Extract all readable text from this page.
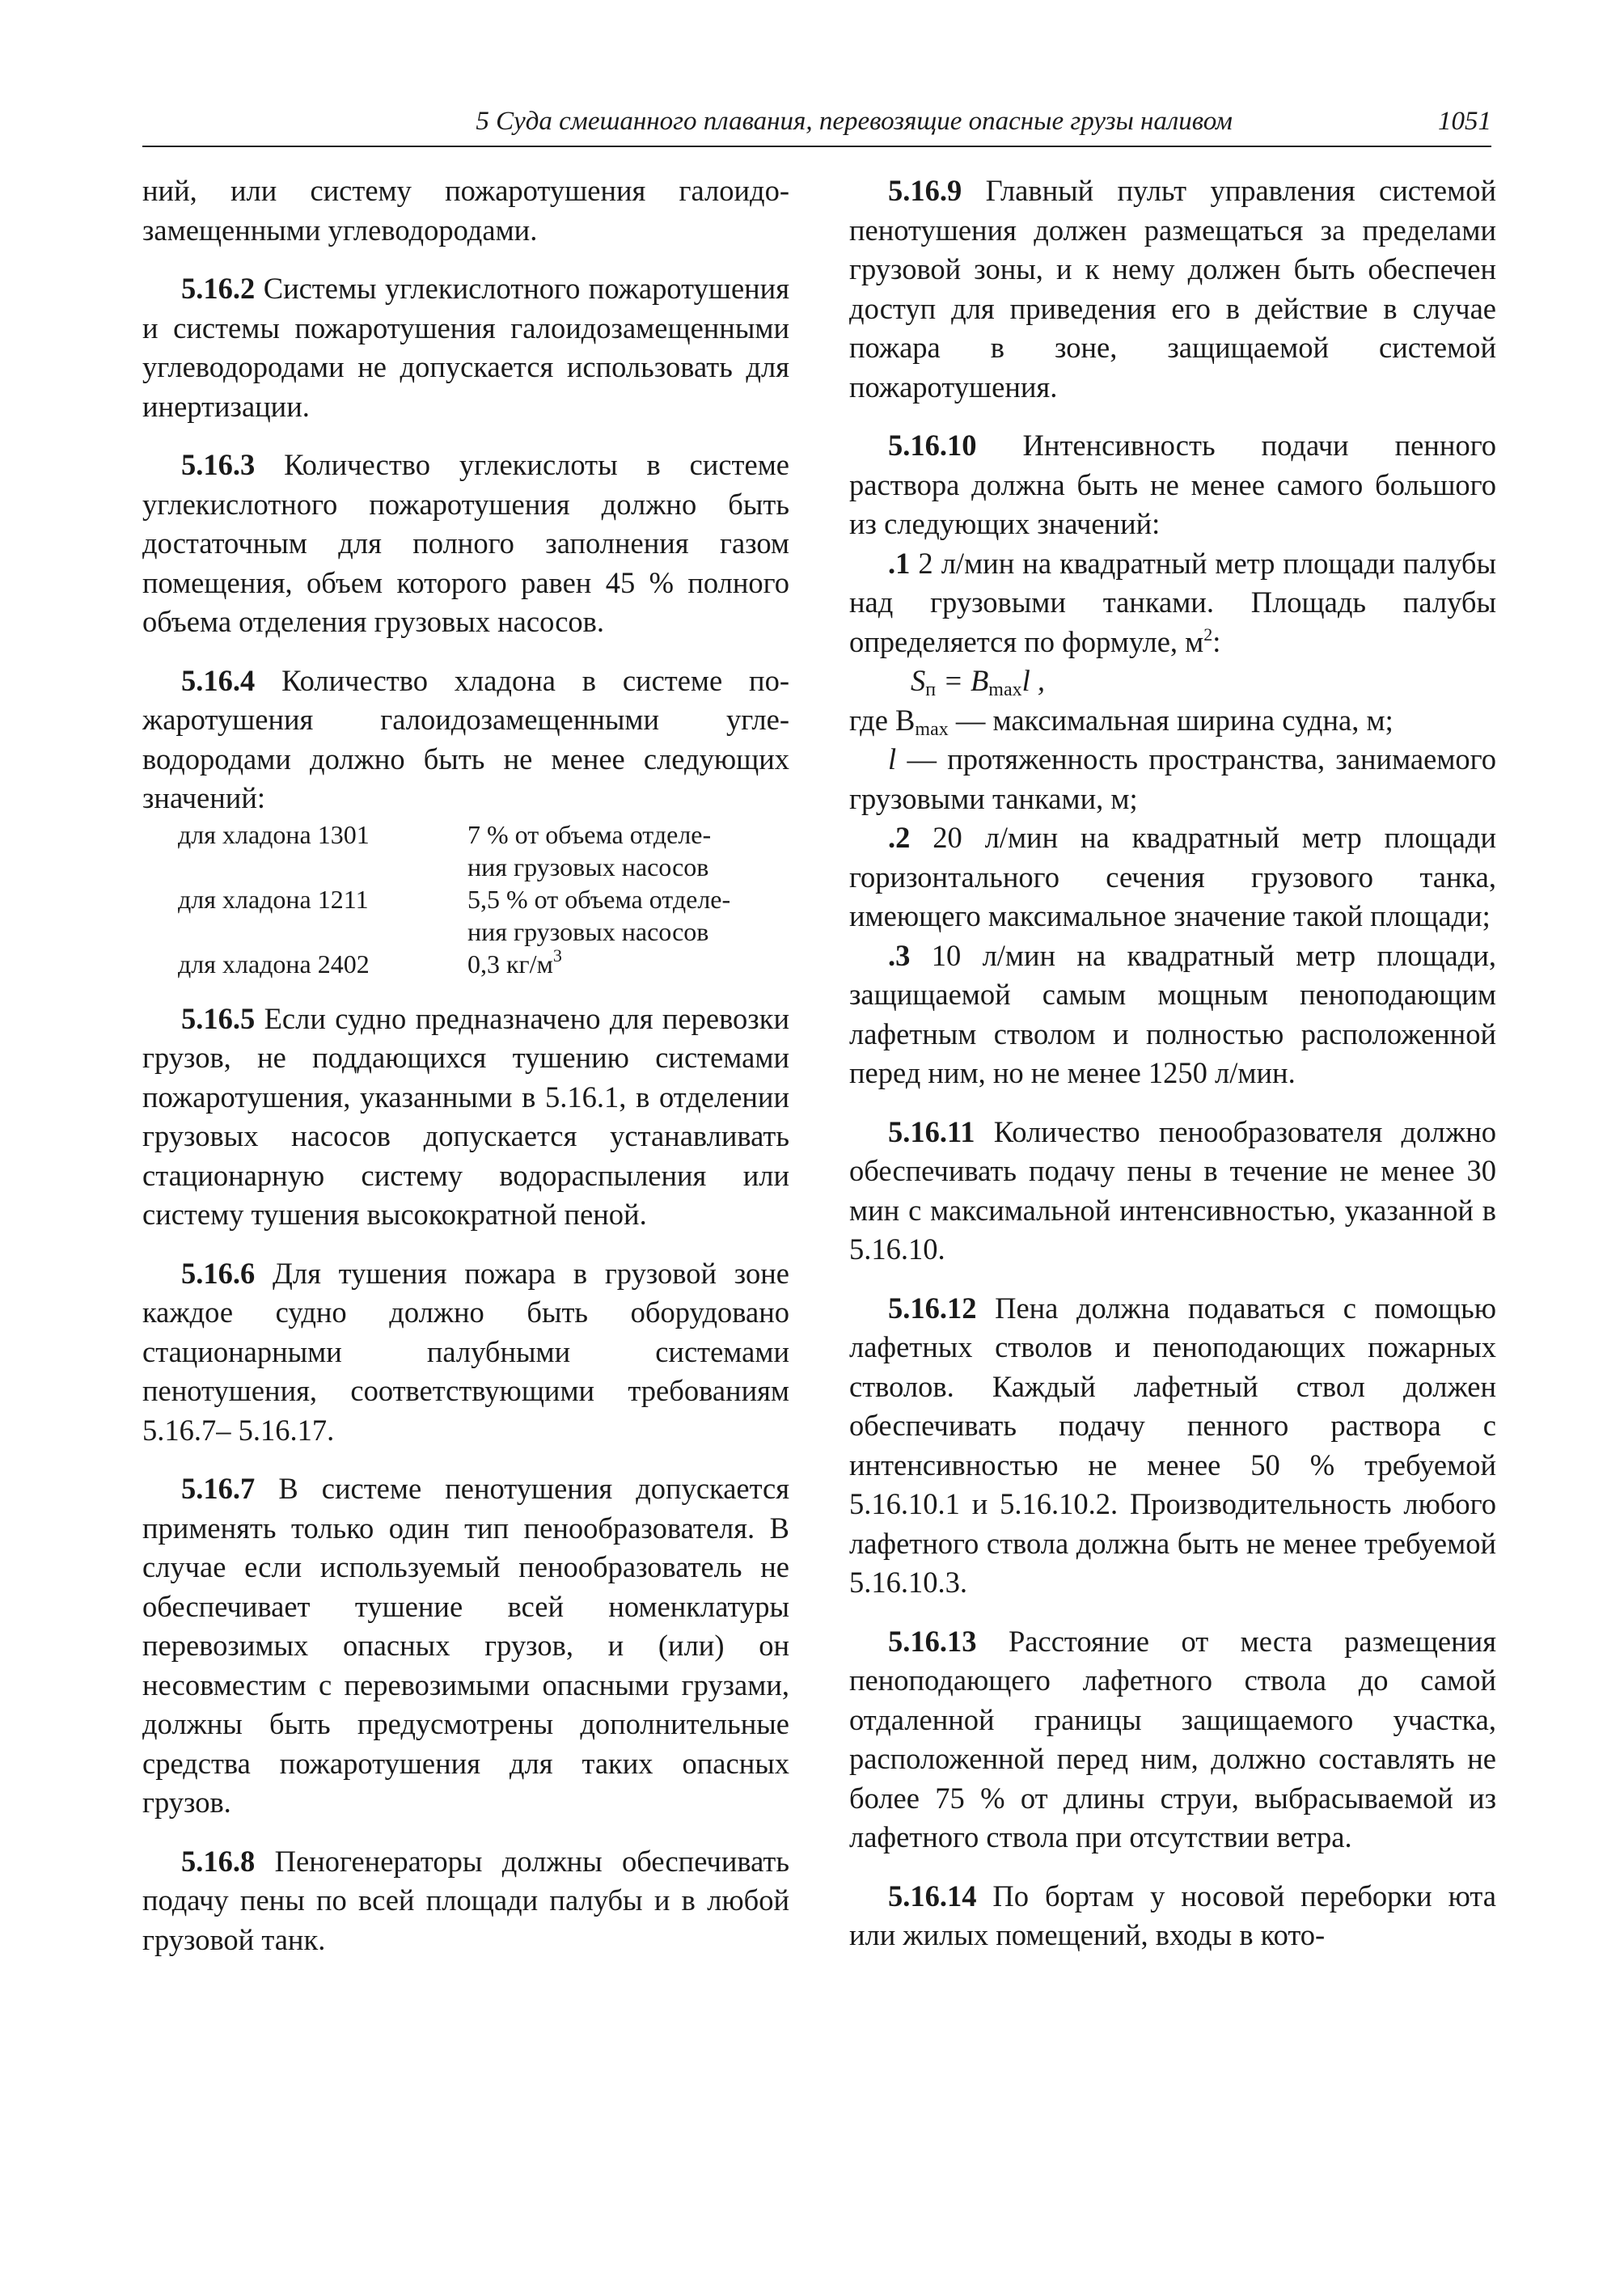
5 Суда смешанного плавания, перевозящие опасные грузы наливом	1051

ний, или систему пожаротушения галоидозамещенными углеводородами.

5.16.2 Системы углекислотного пожаротушения и системы пожаротушения галоидозамещенными углеводородами не допускается использовать для инертизации.

5.16.3 Количество углекислоты в системе углекислотного пожаротушения должно быть достаточным для полного заполнения газом помещения, объем которого равен 45 % полного объема отделения грузовых насосов.

5.16.4 Количество хладона в системе пожаротушения галоидозамещенными углеводородами должно быть не менее следующих значений:

для хладона 1301	7 % от объема отделе-
ния грузовых насосов
для хладона 1211	5,5 % от объема отделе-
ния грузовых насосов
для хладона 2402	0,3 $кг/м^3$

5.16.5 Если судно предназначено для перевозки грузов, не поддающихся тушению системами пожаротушения, указанными в 5.16.1, в отделении грузовых насосов допускается устанавливать стационарную систему водораспыления или систему тушения высокократной пеной.

5.16.6 Для тушения пожара в грузовой зоне каждое судно должно быть оборудовано стационарными палубными системами пенотушения, соответствующими требованиям 5.16.7– 5.16.17.

5.16.7 В системе пенотушения допускается применять только один тип пенообразователя. В случае если используемый пенообразователь не обеспечивает тушение всей номенклатуры перевозимых опасных грузов, и (или) он несовместим с перевозимыми опасными грузами, должны быть предусмотрены дополнительные средства пожаротушения для таких опасных грузов.

5.16.8 Пеногенераторы должны обеспечивать подачу пены по всей площади палубы и в любой грузовой танк.

5.16.9 Главный пульт управления системой пенотушения должен размещаться за пределами грузовой зоны, и к нему должен быть обеспечен доступ для приведения его в действие в случае пожара в зоне, защищаемой системой пожаротушения.

5.16.10 Интенсивность подачи пенного раствора должна быть не менее самого большого из следующих значений:

.1 2 л/мин на квадратный метр площади палубы над грузовыми танками. Площадь палубы определяется по формуле, $м^2$:

$S_п = B_{max}l$ ,

где $B_{max}$ — максимальная ширина судна, м;

l — протяженность пространства, занимаемого грузовыми танками, м;

.2 20 л/мин на квадратный метр площади горизонтального сечения грузового танка, имеющего максимальное значение такой площади;

.3 10 л/мин на квадратный метр площади, защищаемой самым мощным пеноподающим лафетным стволом и полностью расположенной перед ним, но не менее 1250 л/мин.

5.16.11 Количество пенообразователя должно обеспечивать подачу пены в течение не менее 30 мин с максимальной интенсивностью, указанной в 5.16.10.

5.16.12 Пена должна подаваться с помощью лафетных стволов и пеноподающих пожарных стволов. Каждый лафетный ствол должен обеспечивать подачу пенного раствора с интенсивностью не менее 50 % требуемой 5.16.10.1 и 5.16.10.2. Производительность любого лафетного ствола должна быть не менее требуемой 5.16.10.3.

5.16.13 Расстояние от места размещения пеноподающего лафетного ствола до самой отдаленной границы защищаемого участка, расположенной перед ним, должно составлять не более 75 % от длины струи, выбрасываемой из лафетного ствола при отсутствии ветра.

5.16.14 По бортам у носовой переборки юта или жилых помещений, входы в кото-
